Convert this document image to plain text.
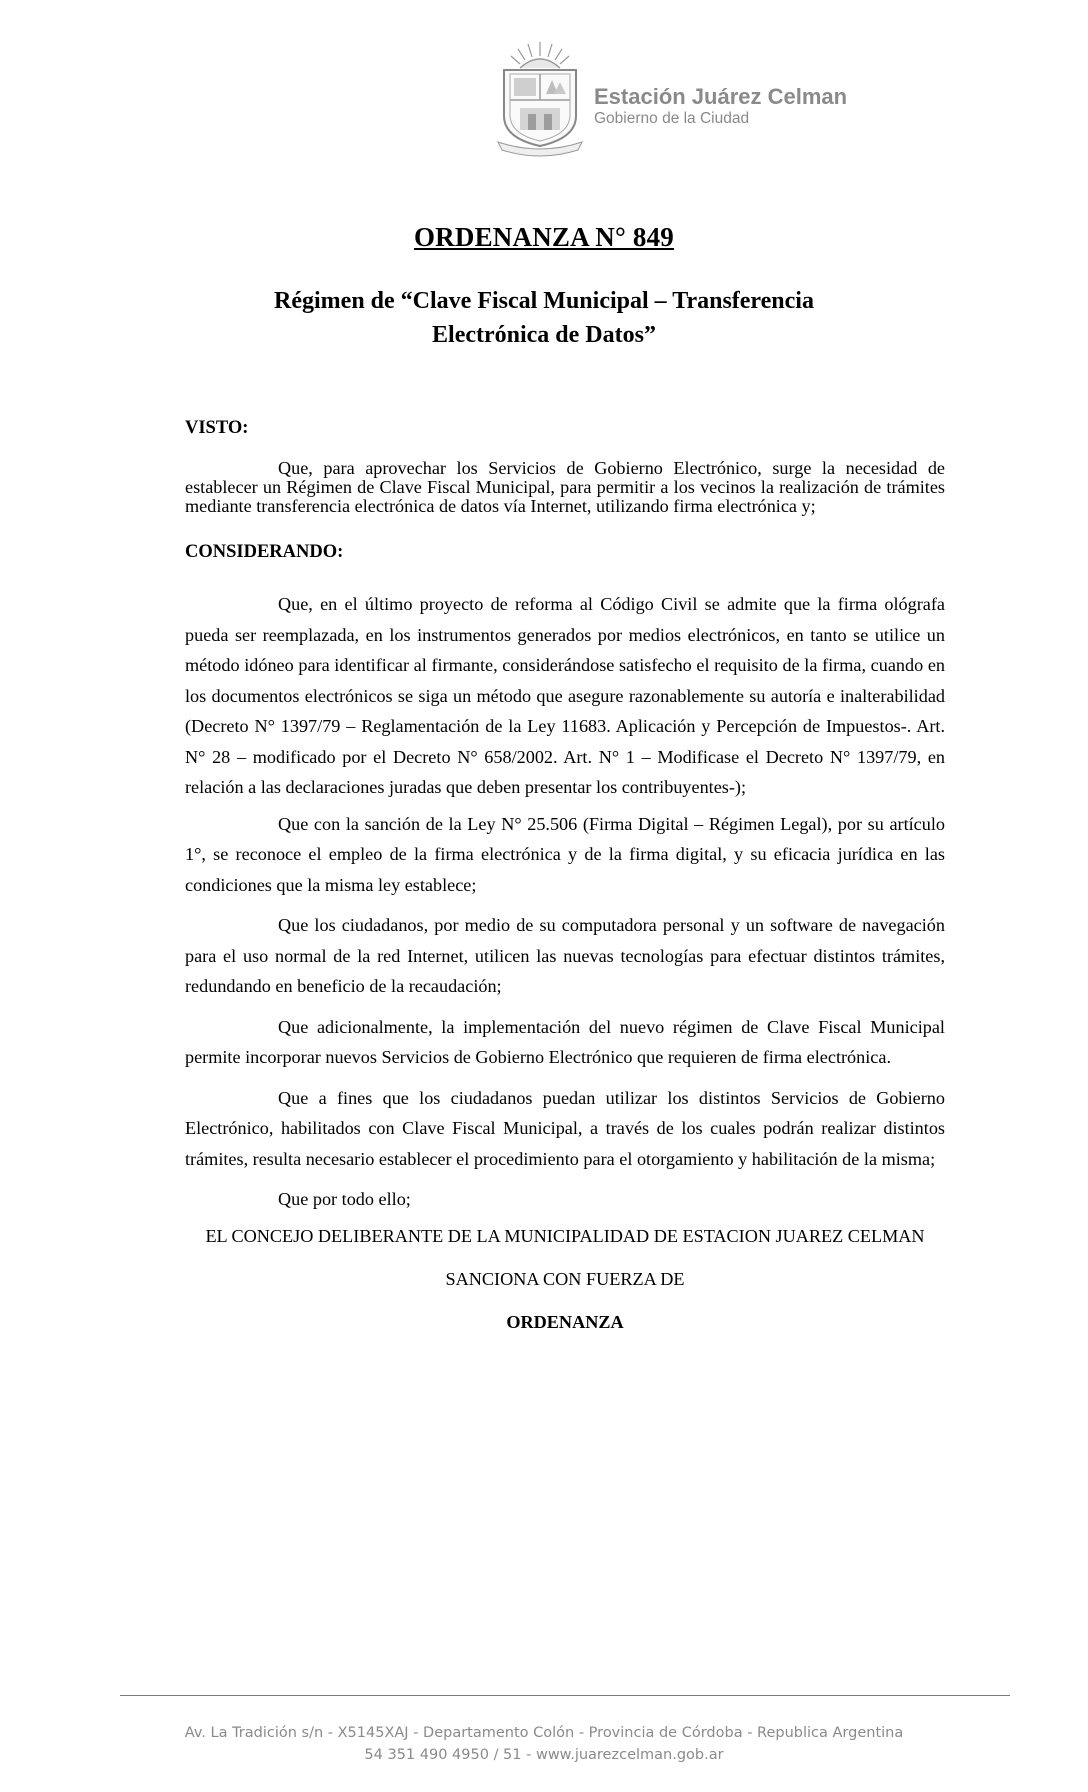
Estación Juárez Celman
Gobierno de la Ciudad
ORDENANZA N° 849
Régimen de “Clave Fiscal Municipal – Transferencia
Electrónica de Datos”

VISTO:

Que, para aprovechar los Servicios de Gobierno Electrónico, surge la necesidad de establecer un Régimen de Clave Fiscal Municipal, para permitir a los vecinos la realización de trámites mediante transferencia electrónica de datos vía Internet, utilizando firma electrónica y;

CONSIDERANDO:

Que, en el último proyecto de reforma al Código Civil se admite que la firma ológrafa pueda ser reemplazada, en los instrumentos generados por medios electrónicos, en tanto se utilice un método idóneo para identificar al firmante, considerándose satisfecho el requisito de la firma, cuando en los documentos electrónicos se siga un método que asegure razonablemente su autoría e inalterabilidad (Decreto N° 1397/79 – Reglamentación de la Ley 11683. Aplicación y Percepción de Impuestos-. Art. N° 28 – modificado por el Decreto N° 658/2002. Art. N° 1 – Modificase el Decreto N° 1397/79, en relación a las declaraciones juradas que deben presentar los contribuyentes-);

Que con la sanción de la Ley N° 25.506 (Firma Digital – Régimen Legal), por su artículo 1°, se reconoce el empleo de la firma electrónica y de la firma digital, y su eficacia jurídica en las condiciones que la misma ley establece;

Que los ciudadanos, por medio de su computadora personal y un software de navegación para el uso normal de la red Internet, utilicen las nuevas tecnologías para efectuar distintos trámites, redundando en beneficio de la recaudación;

Que adicionalmente, la implementación del nuevo régimen de Clave Fiscal Municipal permite incorporar nuevos Servicios de Gobierno Electrónico que requieren de firma electrónica.

Que a fines que los ciudadanos puedan utilizar los distintos Servicios de Gobierno Electrónico, habilitados con Clave Fiscal Municipal, a través de los cuales podrán realizar distintos trámites, resulta necesario establecer el procedimiento para el otorgamiento y habilitación de la misma;

Que por todo ello;

EL CONCEJO DELIBERANTE DE LA MUNICIPALIDAD DE ESTACION JUAREZ CELMAN

SANCIONA CON FUERZA DE

ORDENANZA

Av. La Tradición s/n - X5145XAJ - Departamento Colón - Provincia de Córdoba - Republica Argentina
54 351 490 4950 / 51 - www.juarezcelman.gob.ar
